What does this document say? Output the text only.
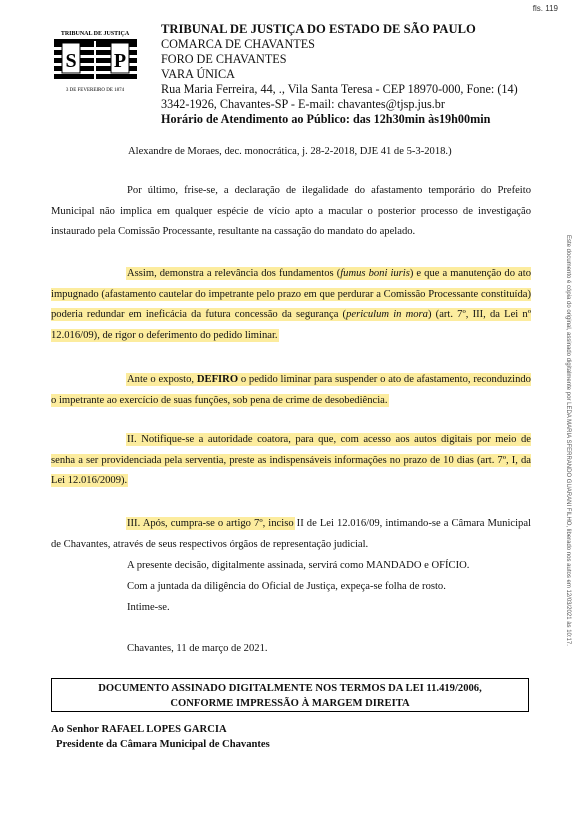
fls. 119
TRIBUNAL DE JUSTIÇA
S P
3 DE FEVEREIRO DE 1874
TRIBUNAL DE JUSTIÇA DO ESTADO DE SÃO PAULO
COMARCA DE CHAVANTES
FORO DE CHAVANTES
VARA ÚNICA
Rua Maria Ferreira, 44, ., Vila Santa Teresa - CEP 18970-000, Fone: (14)
3342-1926, Chavantes-SP - E-mail: chavantes@tjsp.jus.br
Horário de Atendimento ao Público: das 12h30min às19h00min
Alexandre de Moraes, dec. monocrática, j. 28-2-2018, DJE 41 de 5-3-2018.)
Por último, frise-se, a declaração de ilegalidade do afastamento temporário do Prefeito Municipal não implica em qualquer espécie de vício apto a macular o posterior processo de investigação instaurado pela Comissão Processante, resultante na cassação do mandato do apelado.
Assim, demonstra a relevância dos fundamentos (fumus boni iuris) e que a manutenção do ato impugnado (afastamento cautelar do impetrante pelo prazo em que perdurar a Comissão Processante constituída) poderia redundar em ineficácia da futura concessão da segurança (periculum in mora) (art. 7º, III, da Lei nº 12.016/09), de rigor o deferimento do pedido liminar.
Ante o exposto, DEFIRO o pedido liminar para suspender o ato de afastamento, reconduzindo o impetrante ao exercício de suas funções, sob pena de crime de desobediência.
II. Notifique-se a autoridade coatora, para que, com acesso aos autos digitais por meio de senha a ser providenciada pela serventia, preste as indispensáveis informações no prazo de 10 dias (art. 7º, I, da Lei 12.016/2009).
III. Após, cumpra-se o artigo 7º, inciso II de Lei 12.016/09, intimando-se a Câmara Municipal de Chavantes, através de seus respectivos órgãos de representação judicial.
A presente decisão, digitalmente assinada, servirá como MANDADO e OFÍCIO.
Com a juntada da diligência do Oficial de Justiça, expeça-se folha de rosto.
Intime-se.
Chavantes, 11 de março de 2021.
DOCUMENTO ASSINADO DIGITALMENTE NOS TERMOS DA LEI 11.419/2006,
CONFORME IMPRESSÃO À MARGEM DIREITA
Ao Senhor RAFAEL LOPES GARCIA
Presidente da Câmara Municipal de Chavantes
Este documento é cópia do original, assinado digitalmente por LEDA MARIA SFERRANDO GUARANI FILHO, liberado nos autos em 12/03/2021 às 10:17.
